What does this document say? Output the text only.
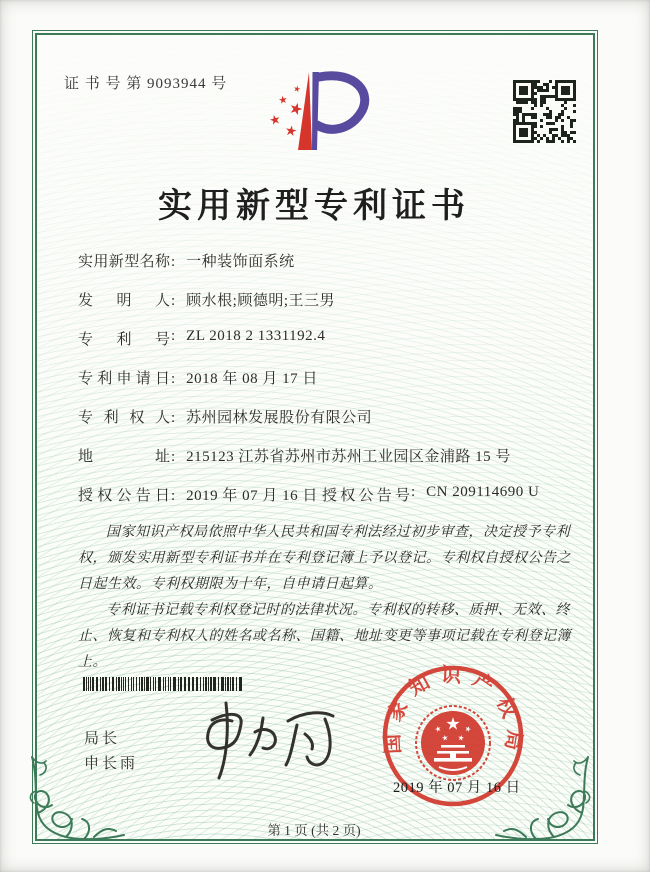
证 书 号 第 9093944 号
实用新型专利证书
实用新型名称: 一种装饰面系统
发明人: 顾水根;顾德明;王三男
专利号: ZL 2018 2 1331192.4
专利申请日: 2018 年 08 月 17 日
专利权人: 苏州园林发展股份有限公司
地址: 215123 江苏省苏州市苏州工业园区金浦路 15 号
授权公告日: 2019 年 07 月 16 日 授权公告号: CN 209114690 U

国家知识产权局依照中华人民共和国专利法经过初步审查，决定授予专利权，颁发实用新型专利证书并在专利登记簿上予以登记。专利权自授权公告之日起生效。专利权期限为十年，自申请日起算。

专利证书记载专利权登记时的法律状况。专利权的转移、质押、无效、终止、恢复和专利权人的姓名或名称、国籍、地址变更等事项记载在专利登记簿上。

局长
申长雨
国家知识产权局
2019 年 07 月 16 日
第 1 页 (共 2 页)
